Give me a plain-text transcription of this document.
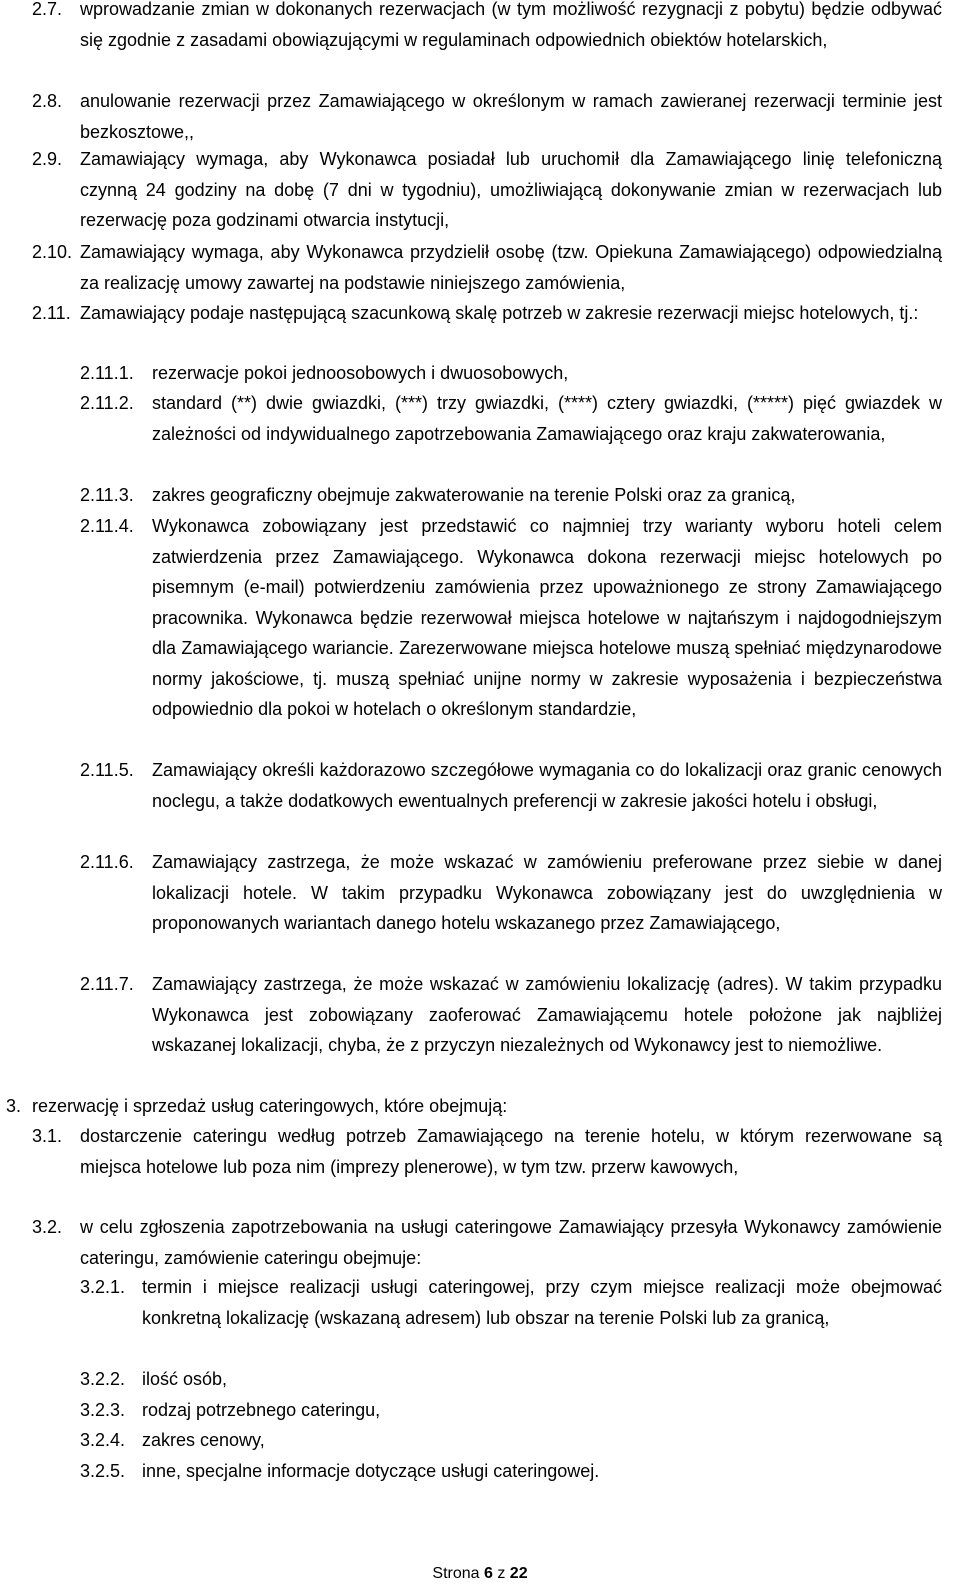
2.7. wprowadzanie zmian w dokonanych rezerwacjach (w tym możliwość rezygnacji z pobytu) będzie odbywać się zgodnie z zasadami obowiązującymi w regulaminach odpowiednich obiektów hotelarskich,
2.8. anulowanie rezerwacji przez Zamawiającego w określonym w ramach zawieranej rezerwacji terminie jest bezkosztowe,,
2.9. Zamawiający wymaga, aby Wykonawca posiadał lub uruchomił dla Zamawiającego linię telefoniczną czynną 24 godziny na dobę (7 dni w tygodniu), umożliwiającą dokonywanie zmian w rezerwacjach lub rezerwację poza godzinami otwarcia instytucji,
2.10. Zamawiający wymaga, aby Wykonawca przydzielił osobę (tzw. Opiekuna Zamawiającego) odpowiedzialną za realizację umowy zawartej na podstawie niniejszego zamówienia,
2.11. Zamawiający podaje następującą szacunkową skalę potrzeb w zakresie rezerwacji miejsc hotelowych, tj.:
2.11.1.	rezerwacje pokoi jednoosobowych i dwuosobowych,
2.11.2.	standard (**) dwie gwiazdki, (***) trzy gwiazdki, (****) cztery gwiazdki, (*****) pięć gwiazdek w zależności od indywidualnego zapotrzebowania Zamawiającego oraz kraju zakwaterowania,
2.11.3.	zakres geograficzny obejmuje zakwaterowanie na terenie Polski oraz za granicą,
2.11.4.	Wykonawca zobowiązany jest przedstawić co najmniej trzy warianty wyboru hoteli celem zatwierdzenia przez Zamawiającego. Wykonawca dokona rezerwacji miejsc hotelowych po pisemnym (e-mail) potwierdzeniu zamówienia przez upoważnionego ze strony Zamawiającego pracownika. Wykonawca będzie rezerwował miejsca hotelowe w najtańszym i najdogodniejszym dla Zamawiającego wariancie. Zarezerwowane miejsca hotelowe muszą spełniać międzynarodowe normy jakościowe, tj. muszą spełniać unijne normy w zakresie wyposażenia i bezpieczeństwa odpowiednio dla pokoi w hotelach o określonym standardzie,
2.11.5.	Zamawiający określi każdorazowo szczegółowe wymagania co do lokalizacji oraz granic cenowych noclegu, a także dodatkowych ewentualnych preferencji w zakresie jakości hotelu i obsługi,
2.11.6.	Zamawiający zastrzega, że może wskazać w zamówieniu preferowane przez siebie w danej lokalizacji hotele. W takim przypadku Wykonawca zobowiązany jest do uwzględnienia w proponowanych wariantach danego hotelu wskazanego przez Zamawiającego,
2.11.7.	Zamawiający zastrzega, że może wskazać w zamówieniu lokalizację (adres). W takim przypadku Wykonawca jest zobowiązany zaoferować Zamawiającemu hotele położone jak najbliżej wskazanej lokalizacji, chyba, że z przyczyn niezależnych od Wykonawcy jest to niemożliwe.
3. rezerwację i sprzedaż usług cateringowych, które obejmują:
3.1. dostarczenie cateringu według potrzeb Zamawiającego na terenie hotelu, w którym rezerwowane są miejsca hotelowe lub poza nim (imprezy plenerowe), w tym tzw. przerw kawowych,
3.2. w celu zgłoszenia zapotrzebowania na usługi cateringowe Zamawiający przesyła Wykonawcy zamówienie cateringu, zamówienie cateringu obejmuje:
3.2.1. termin i miejsce realizacji usługi cateringowej, przy czym miejsce realizacji może obejmować konkretną lokalizację (wskazaną adresem) lub obszar na terenie Polski lub za granicą,
3.2.2. ilość osób,
3.2.3. rodzaj potrzebnego cateringu,
3.2.4. zakres cenowy,
3.2.5. inne, specjalne informacje dotyczące usługi cateringowej.
Strona 6 z 22
